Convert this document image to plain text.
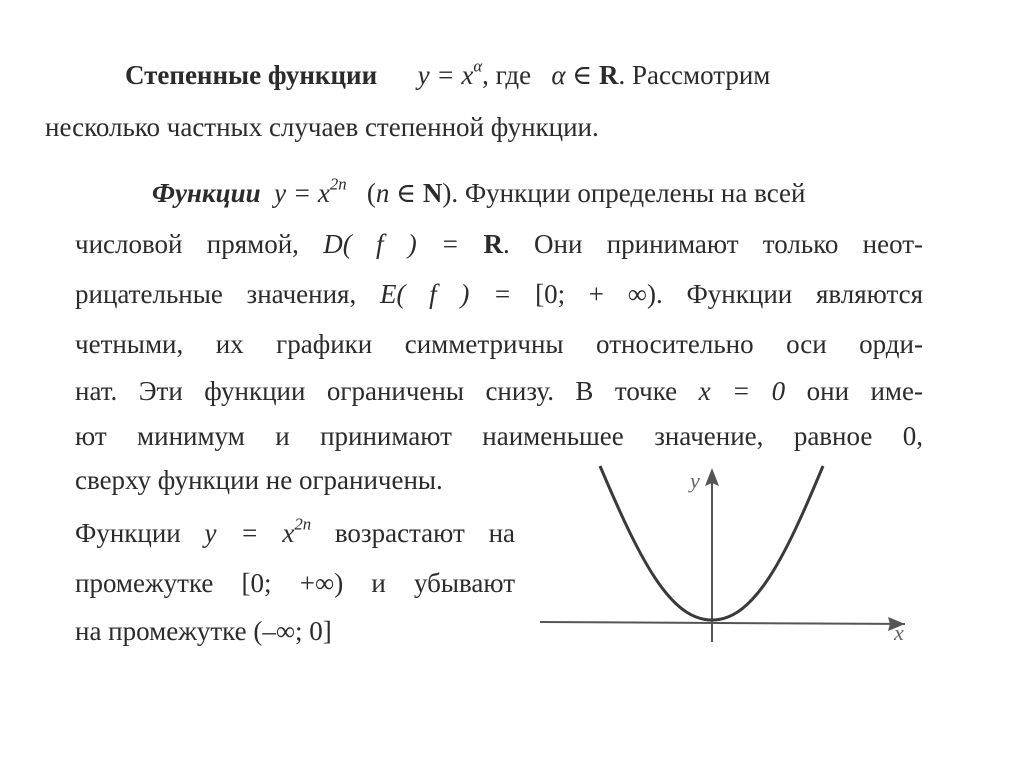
Степенные функции $y = x^\alpha$, где α ∈ R. Рассмотрим
несколько частных случаев степенной функции.
Функции $y = x^{2n}$ (n ∈ N). Функции определены на всей
числовой прямой, D( f ) = R. Они принимают только неот-
рицательные значения, E( f ) = [0; + ∞). Функции являются
четными, их графики симметричны относительно оси орди-
нат. Эти функции ограничены снизу. В точке x = 0 они име-
ют минимум и принимают наименьшее значение, равное 0,
сверху функции не ограничены.
Функции $y = x^{2n}$ возрастают на
промежутке [0; +∞) и убывают
на промежутке (–∞; 0]
y
x
